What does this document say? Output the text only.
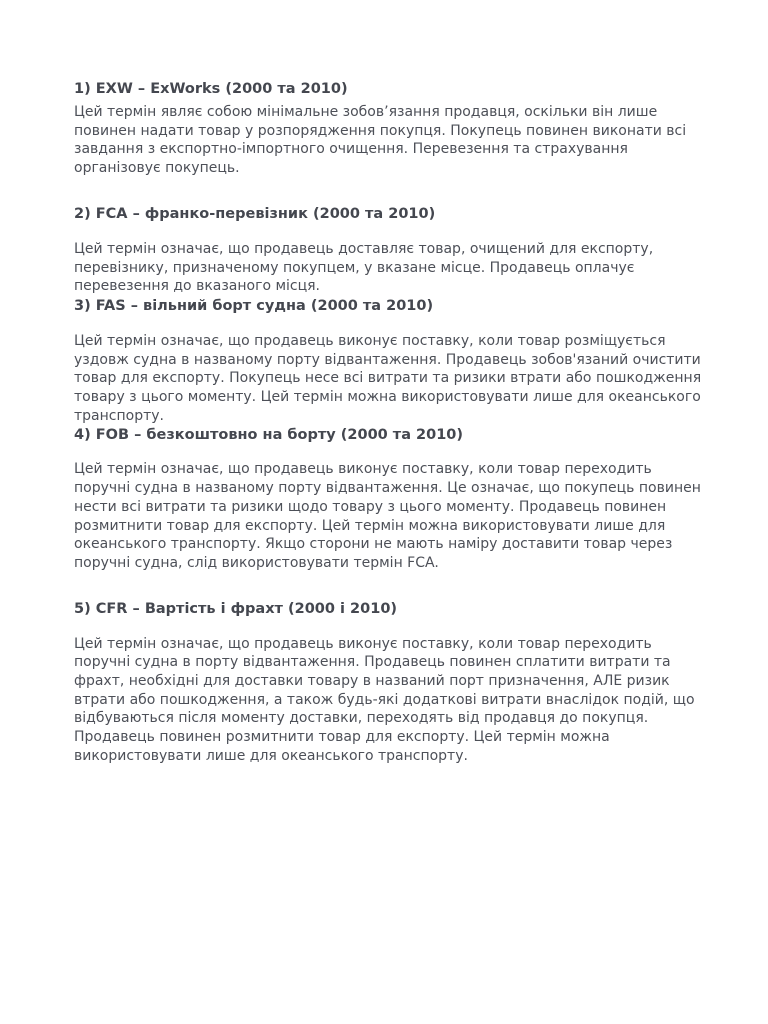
1) EXW – ExWorks (2000 та 2010)

Цей термін являє собою мінімальне зобов’язання продавця, оскільки він лише повинен надати товар у розпорядження покупця. Покупець повинен виконати всі завдання з експортно-імпортного очищення. Перевезення та страхування організовує покупець.

2) FCA – франко-перевізник (2000 та 2010)

Цей термін означає, що продавець доставляє товар, очищений для експорту, перевізнику, призначеному покупцем, у вказане місце. Продавець оплачує перевезення до вказаного місця.

3) FAS – вільний борт судна (2000 та 2010)

Цей термін означає, що продавець виконує поставку, коли товар розміщується уздовж судна в названому порту відвантаження. Продавець зобов'язаний очистити товар для експорту. Покупець несе всі витрати та ризики втрати або пошкодження товару з цього моменту. Цей термін можна використовувати лише для океанського транспорту.

4) FOB – безкоштовно на борту (2000 та 2010)

Цей термін означає, що продавець виконує поставку, коли товар переходить поручні судна в названому порту відвантаження. Це означає, що покупець повинен нести всі витрати та ризики щодо товару з цього моменту. Продавець повинен розмитнити товар для експорту. Цей термін можна використовувати лише для океанського транспорту. Якщо сторони не мають наміру доставити товар через поручні судна, слід використовувати термін FCA.

5) CFR – Вартість і фрахт (2000 і 2010)

Цей термін означає, що продавець виконує поставку, коли товар переходить поручні судна в порту відвантаження. Продавець повинен сплатити витрати та фрахт, необхідні для доставки товару в названий порт призначення, АЛЕ ризик втрати або пошкодження, а також будь-які додаткові витрати внаслідок подій, що відбуваються після моменту доставки, переходять від продавця до покупця.

Продавець повинен розмитнити товар для експорту. Цей термін можна використовувати лише для океанського транспорту.
